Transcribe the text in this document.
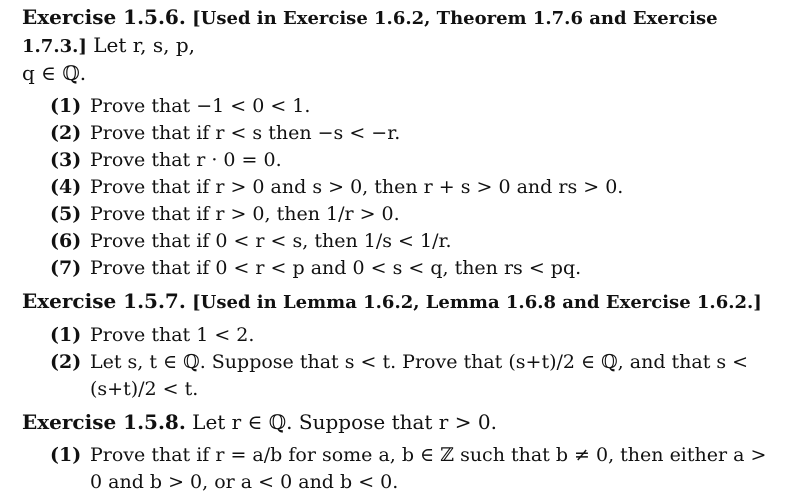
Exercise 1.5.6. [Used in Exercise 1.6.2, Theorem 1.7.6 and Exercise 1.7.3.] Let r, s, p,
q ∈ ℚ.

(1) Prove that −1 < 0 < 1.
(2) Prove that if r < s then −s < −r.
(3) Prove that r · 0 = 0.
(4) Prove that if r > 0 and s > 0, then r + s > 0 and rs > 0.
(5) Prove that if r > 0, then 1/r > 0.
(6) Prove that if 0 < r < s, then 1/s < 1/r.
(7) Prove that if 0 < r < p and 0 < s < q, then rs < pq.

Exercise 1.5.7. [Used in Lemma 1.6.2, Lemma 1.6.8 and Exercise 1.6.2.]

(1) Prove that 1 < 2.
(2) Let s, t ∈ ℚ. Suppose that s < t. Prove that (s+t)/2 ∈ ℚ, and that s < (s+t)/2 < t.

Exercise 1.5.8. Let r ∈ ℚ. Suppose that r > 0.

(1) Prove that if r = a/b for some a, b ∈ ℤ such that b ≠ 0, then either a > 0 and b > 0, or a < 0 and b < 0.
